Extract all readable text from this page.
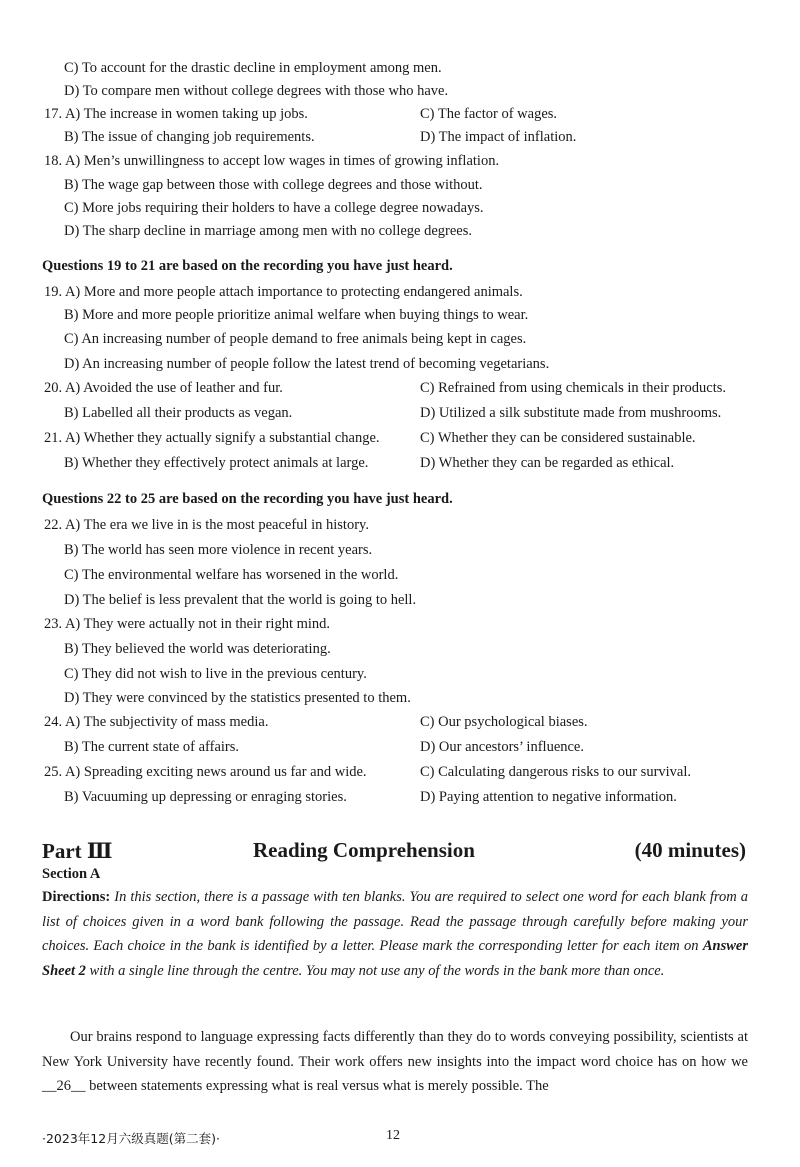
C) To account for the drastic decline in employment among men.
D) To compare men without college degrees with those who have.
17. A) The increase in women taking up jobs.	C) The factor of wages.
B) The issue of changing job requirements.	D) The impact of inflation.
18. A) Men’s unwillingness to accept low wages in times of growing inflation.
B) The wage gap between those with college degrees and those without.
C) More jobs requiring their holders to have a college degree nowadays.
D) The sharp decline in marriage among men with no college degrees.
Questions 19 to 21 are based on the recording you have just heard.
19. A) More and more people attach importance to protecting endangered animals.
B) More and more people prioritize animal welfare when buying things to wear.
C) An increasing number of people demand to free animals being kept in cages.
D) An increasing number of people follow the latest trend of becoming vegetarians.
20. A) Avoided the use of leather and fur.	C) Refrained from using chemicals in their products.
B) Labelled all their products as vegan.	D) Utilized a silk substitute made from mushrooms.
21. A) Whether they actually signify a substantial change.	C) Whether they can be considered sustainable.
B) Whether they effectively protect animals at large.	D) Whether they can be regarded as ethical.
Questions 22 to 25 are based on the recording you have just heard.
22. A) The era we live in is the most peaceful in history.
B) The world has seen more violence in recent years.
C) The environmental welfare has worsened in the world.
D) The belief is less prevalent that the world is going to hell.
23. A) They were actually not in their right mind.
B) They believed the world was deteriorating.
C) They did not wish to live in the previous century.
D) They were convinced by the statistics presented to them.
24. A) The subjectivity of mass media.	C) Our psychological biases.
B) The current state of affairs.	D) Our ancestors’ influence.
25. A) Spreading exciting news around us far and wide.	C) Calculating dangerous risks to our survival.
B) Vacuuming up depressing or enraging stories.	D) Paying attention to negative information.
Part Ⅲ	Reading Comprehension	(40 minutes)
Section A
Directions: In this section, there is a passage with ten blanks. You are required to select one word for each blank from a list of choices given in a word bank following the passage. Read the passage through carefully before making your choices. Each choice in the bank is identified by a letter. Please mark the corresponding letter for each item on Answer Sheet 2 with a single line through the centre. You may not use any of the words in the bank more than once.
Our brains respond to language expressing facts differently than they do to words conveying possibility, scientists at New York University have recently found. Their work offers new insights into the impact word choice has on how we __26__ between statements expressing what is real versus what is merely possible. The
·2023年12月六级真题(第二套)·	12
